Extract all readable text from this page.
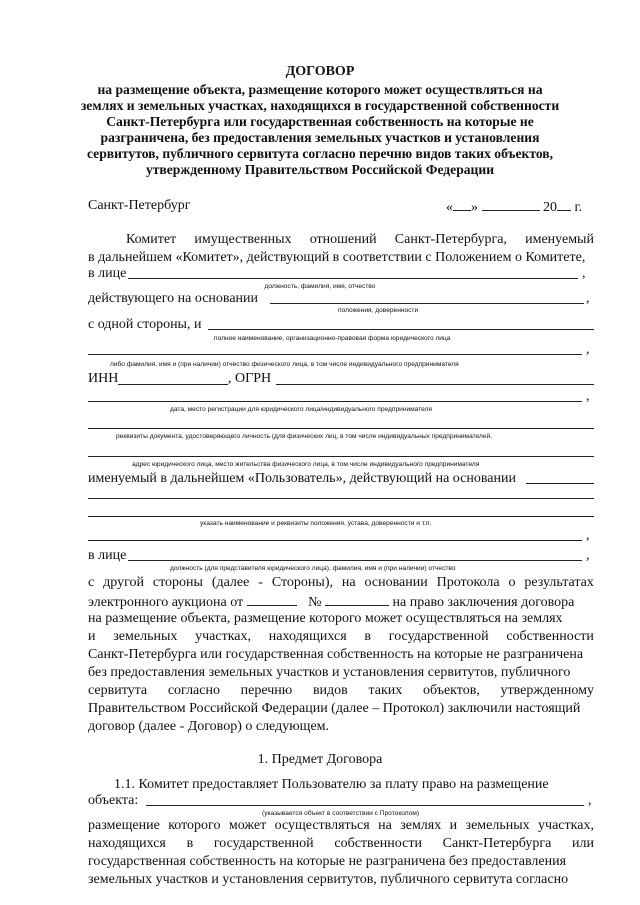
ДОГОВОР
на размещение объекта, размещение которого может осуществляться на
землях и земельных участках, находящихся в государственной собственности
Санкт-Петербурга или государственная собственность на которые не
разграничена, без предоставления земельных участков и установления
сервитутов, публичного сервитута согласно перечню видов таких объектов,
утвержденному Правительством Российской Федерации
Санкт-Петербург	« »	20 г.
Комитет имущественных отношений Санкт-Петербурга, именуемый
в дальнейшем «Комитет», действующий в соответствии с Положением о Комитете,
в лице	,
должность, фамилия, имя, отчество
действующего на основании	,
положения, доверенности
с одной стороны, и
полное наименование, организационно-правовая форма юридического лица
,
либо фамилия, имя и (при наличии) отчество физического лица, в том числе индивидуального предпринимателя
ИНН	, ОГРН
,
дата, место регистрации для юридического лица/индивидуального предпринимателя
реквизиты документа, удостоверяющего личность (для физических лиц, в том числе индивидуальных предпринимателей,
адрес юридического лица, место жительства физического лица, в том числе индивидуального предпринимателя
именуемый в дальнейшем «Пользователь», действующий на основании
указать наименование и реквизиты положения, устава, доверенности и т.п.
,
в лице	,
должность (для представителя юридического лица), фамилия, имя и (при наличии) отчество
с другой стороны (далее - Стороны), на основании Протокола о результатах
электронного аукциона от	№	на право заключения договора
на размещение объекта, размещение которого может осуществляться на землях
и земельных участках, находящихся в государственной собственности
Санкт-Петербурга или государственная собственность на которые не разграничена
без предоставления земельных участков и установления сервитутов, публичного
сервитута согласно перечню видов таких объектов, утвержденному
Правительством Российской Федерации (далее – Протокол) заключили настоящий
договор (далее - Договор) о следующем.
1. Предмет Договора
1.1. Комитет предоставляет Пользователю за плату право на размещение
объекта:	,
(указывается объект в соответствии с Протоколом)
размещение которого может осуществляться на землях и земельных участках,
находящихся в государственной собственности Санкт-Петербурга или
государственная собственность на которые не разграничена без предоставления
земельных участков и установления сервитутов, публичного сервитута согласно
